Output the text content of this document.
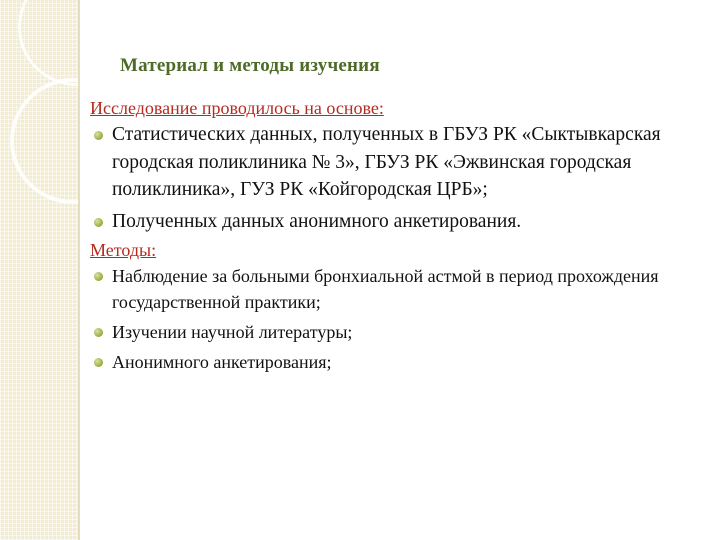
Материал и методы изучения
Исследование проводилось на основе:
Статистических данных, полученных в ГБУЗ РК «Сыктывкарская городская поликлиника № 3», ГБУЗ РК «Эжвинская городская поликлиника», ГУЗ РК «Койгородская ЦРБ»;
Полученных данных анонимного анкетирования.
Методы:
Наблюдение за больными бронхиальной астмой в период прохождения государственной практики;
Изучении научной литературы;
Анонимного анкетирования;
